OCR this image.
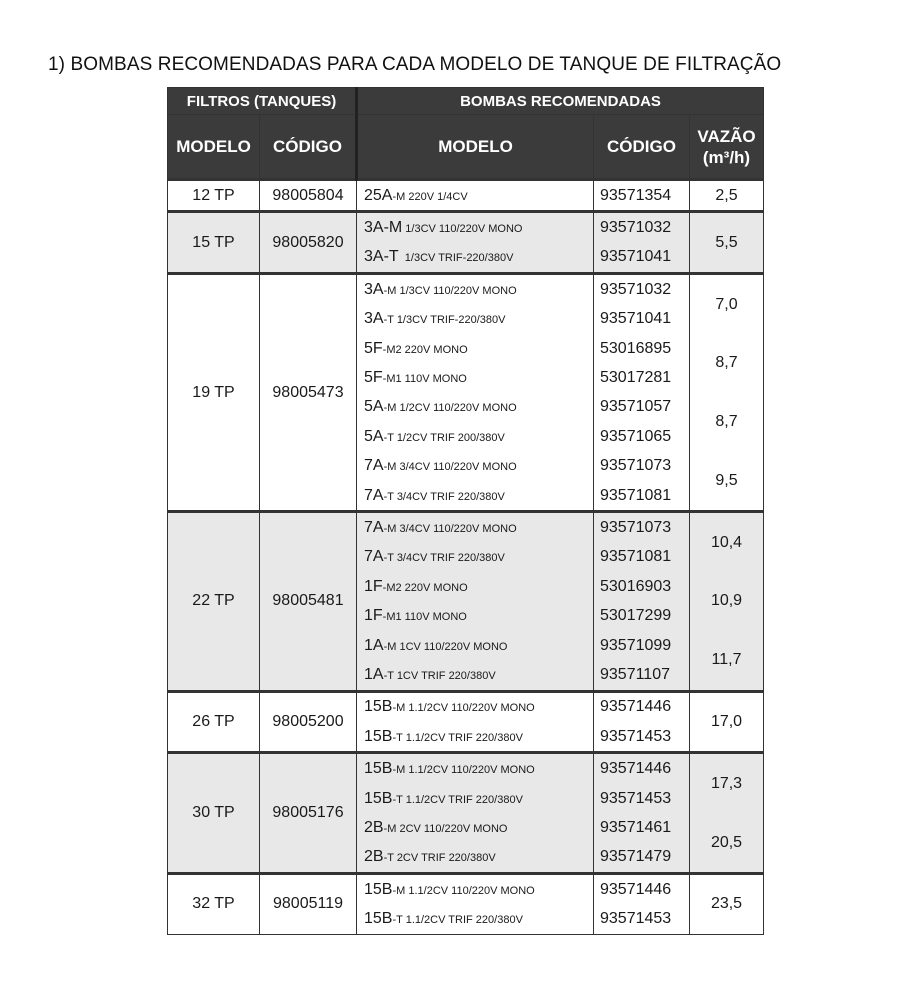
1) BOMBAS RECOMENDADAS PARA CADA MODELO DE TANQUE DE FILTRAÇÃO
FILTROS (TANQUES)		BOMBAS RECOMENDADAS		
MODELO	CÓDIGO	MODELO	CÓDIGO	VAZÃO
(m³/h)

12 TP	98005804	25A-M 220V 1/4CV	93571354	2,5
15 TP	98005820	3A-M 1/3CV 110/220V MONO	93571032	5,5
		3A-T  1/3CV TRIF-220/380V	93571041	
19 TP	98005473	3A-M 1/3CV 110/220V MONO	93571032	7,0
		3A-T 1/3CV TRIF-220/380V	93571041	
		5F-M2 220V MONO	53016895	8,7
		5F-M1 110V MONO	53017281	
		5A-M 1/2CV 110/220V MONO	93571057	8,7
		5A-T 1/2CV TRIF 200/380V	93571065	
		7A-M 3/4CV 110/220V MONO	93571073	9,5
		7A-T 3/4CV TRIF 220/380V	93571081	
22 TP	98005481	7A-M 3/4CV 110/220V MONO	93571073	10,4
		7A-T 3/4CV TRIF 220/380V	93571081	
		1F-M2 220V MONO	53016903	10,9
		1F-M1 110V MONO	53017299	
		1A-M 1CV 110/220V MONO	93571099	11,7
		1A-T 1CV TRIF 220/380V	93571107	
26 TP	98005200	15B-M 1.1/2CV 110/220V MONO	93571446	17,0
		15B-T 1.1/2CV TRIF 220/380V	93571453	
30 TP	98005176	15B-M 1.1/2CV 110/220V MONO	93571446	17,3
		15B-T 1.1/2CV TRIF 220/380V	93571453	
		2B-M 2CV 110/220V MONO	93571461	20,5
		2B-T 2CV TRIF 220/380V	93571479	
32 TP	98005119	15B-M 1.1/2CV 110/220V MONO	93571446	23,5
		15B-T 1.1/2CV TRIF 220/380V	93571453	
